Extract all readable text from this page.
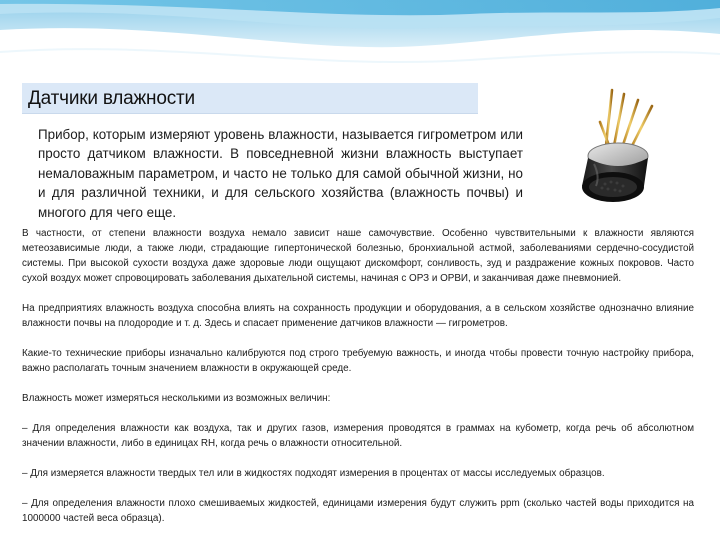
Датчики влажности

Прибор, которым измеряют уровень влажности, называется гигрометром или просто датчиком влажности. В повседневной жизни влажность выступает немаловажным параметром, и часто не только для самой обычной жизни, но и для различной техники, и для сельского хозяйства (влажность почвы) и многого для чего еще.

В частности, от степени влажности воздуха немало зависит наше самочувствие. Особенно чувствительными к влажности являются метеозависимые люди, а также люди, страдающие гипертонической болезнью, бронхиальной астмой, заболеваниями сердечно-сосудистой системы. При высокой сухости воздуха даже здоровые люди ощущают дискомфорт, сонливость, зуд и раздражение кожных покровов. Часто сухой воздух может спровоцировать заболевания дыхательной системы, начиная с ОРЗ и ОРВИ, и заканчивая даже пневмонией.

На предприятиях влажность воздуха способна влиять на сохранность продукции и оборудования, а в сельском хозяйстве однозначно влияние влажности почвы на плодородие и т. д. Здесь и спасает применение датчиков влажности — гигрометров.

Какие-то технические приборы изначально калибруются под строго требуемую важность, и иногда чтобы провести точную настройку прибора, важно располагать точным значением влажности в окружающей среде.

Влажность может измеряться несколькими из возможных величин:

– Для определения влажности как воздуха, так и других газов, измерения проводятся в граммах на кубометр, когда речь об абсолютном значении влажности, либо в единицах RH, когда речь о влажности относительной.

– Для измеряется влажности твердых тел или в жидкостях подходят измерения в процентах от массы исследуемых образцов.

– Для определения влажности плохо смешиваемых жидкостей, единицами измерения будут служить ppm (сколько частей воды приходится на 1000000 частей веса образца).
